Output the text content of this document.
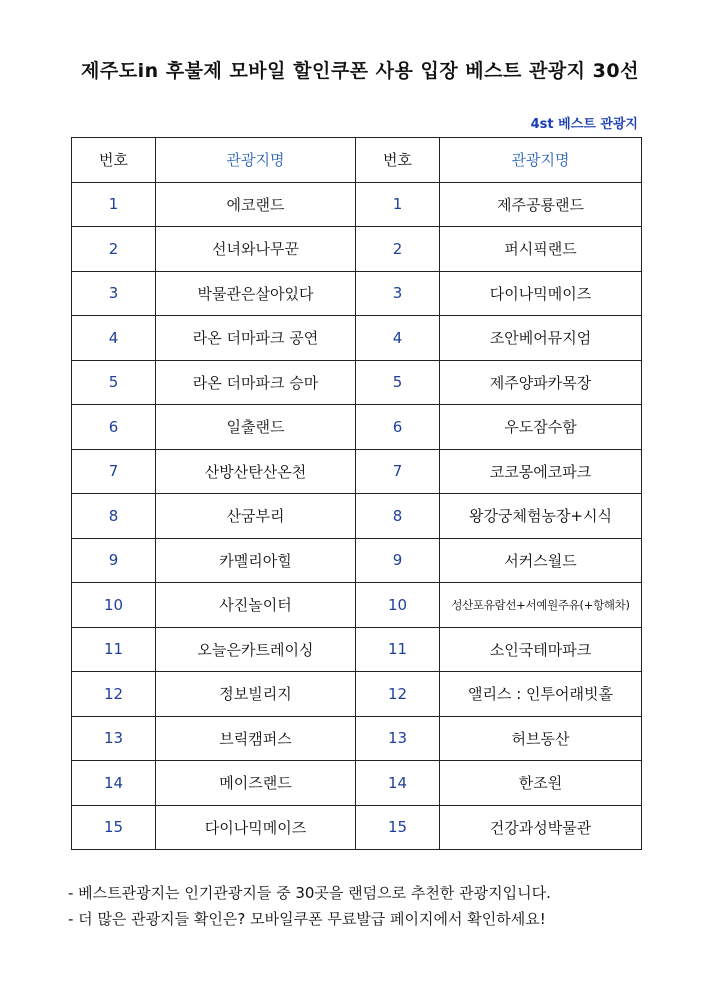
제주도in 후불제 모바일 할인쿠폰 사용 입장 베스트 관광지 30선
4st 베스트 관광지
번호	관광지명	번호	관광지명
1	에코랜드	1	제주공룡랜드
2	선녀와나무꾼	2	퍼시픽랜드
3	박물관은살아있다	3	다이나믹메이즈
4	라온 더마파크 공연	4	조안베어뮤지엄
5	라온 더마파크 승마	5	제주양파카목장
6	일출랜드	6	우도잠수함
7	산방산탄산온천	7	코코몽에코파크
8	산굼부리	8	왕강궁체험농장+시식
9	카멜리아힐	9	서커스월드
10	사진놀이터	10	성산포유람선+서예원주유(+항해차)
11	오늘은카트레이싱	11	소인국테마파크
12	정보빌리지	12	앨리스 : 인투어래빗홀
13	브릭캠퍼스	13	허브동산
14	메이즈랜드	14	한조원
15	다이나믹메이즈	15	건강과성박물관
- 베스트관광지는 인기관광지들 중 30곳을 랜덤으로 추천한 관광지입니다.
- 더 많은 관광지들 확인은? 모바일쿠폰 무료발급 페이지에서 확인하세요!
